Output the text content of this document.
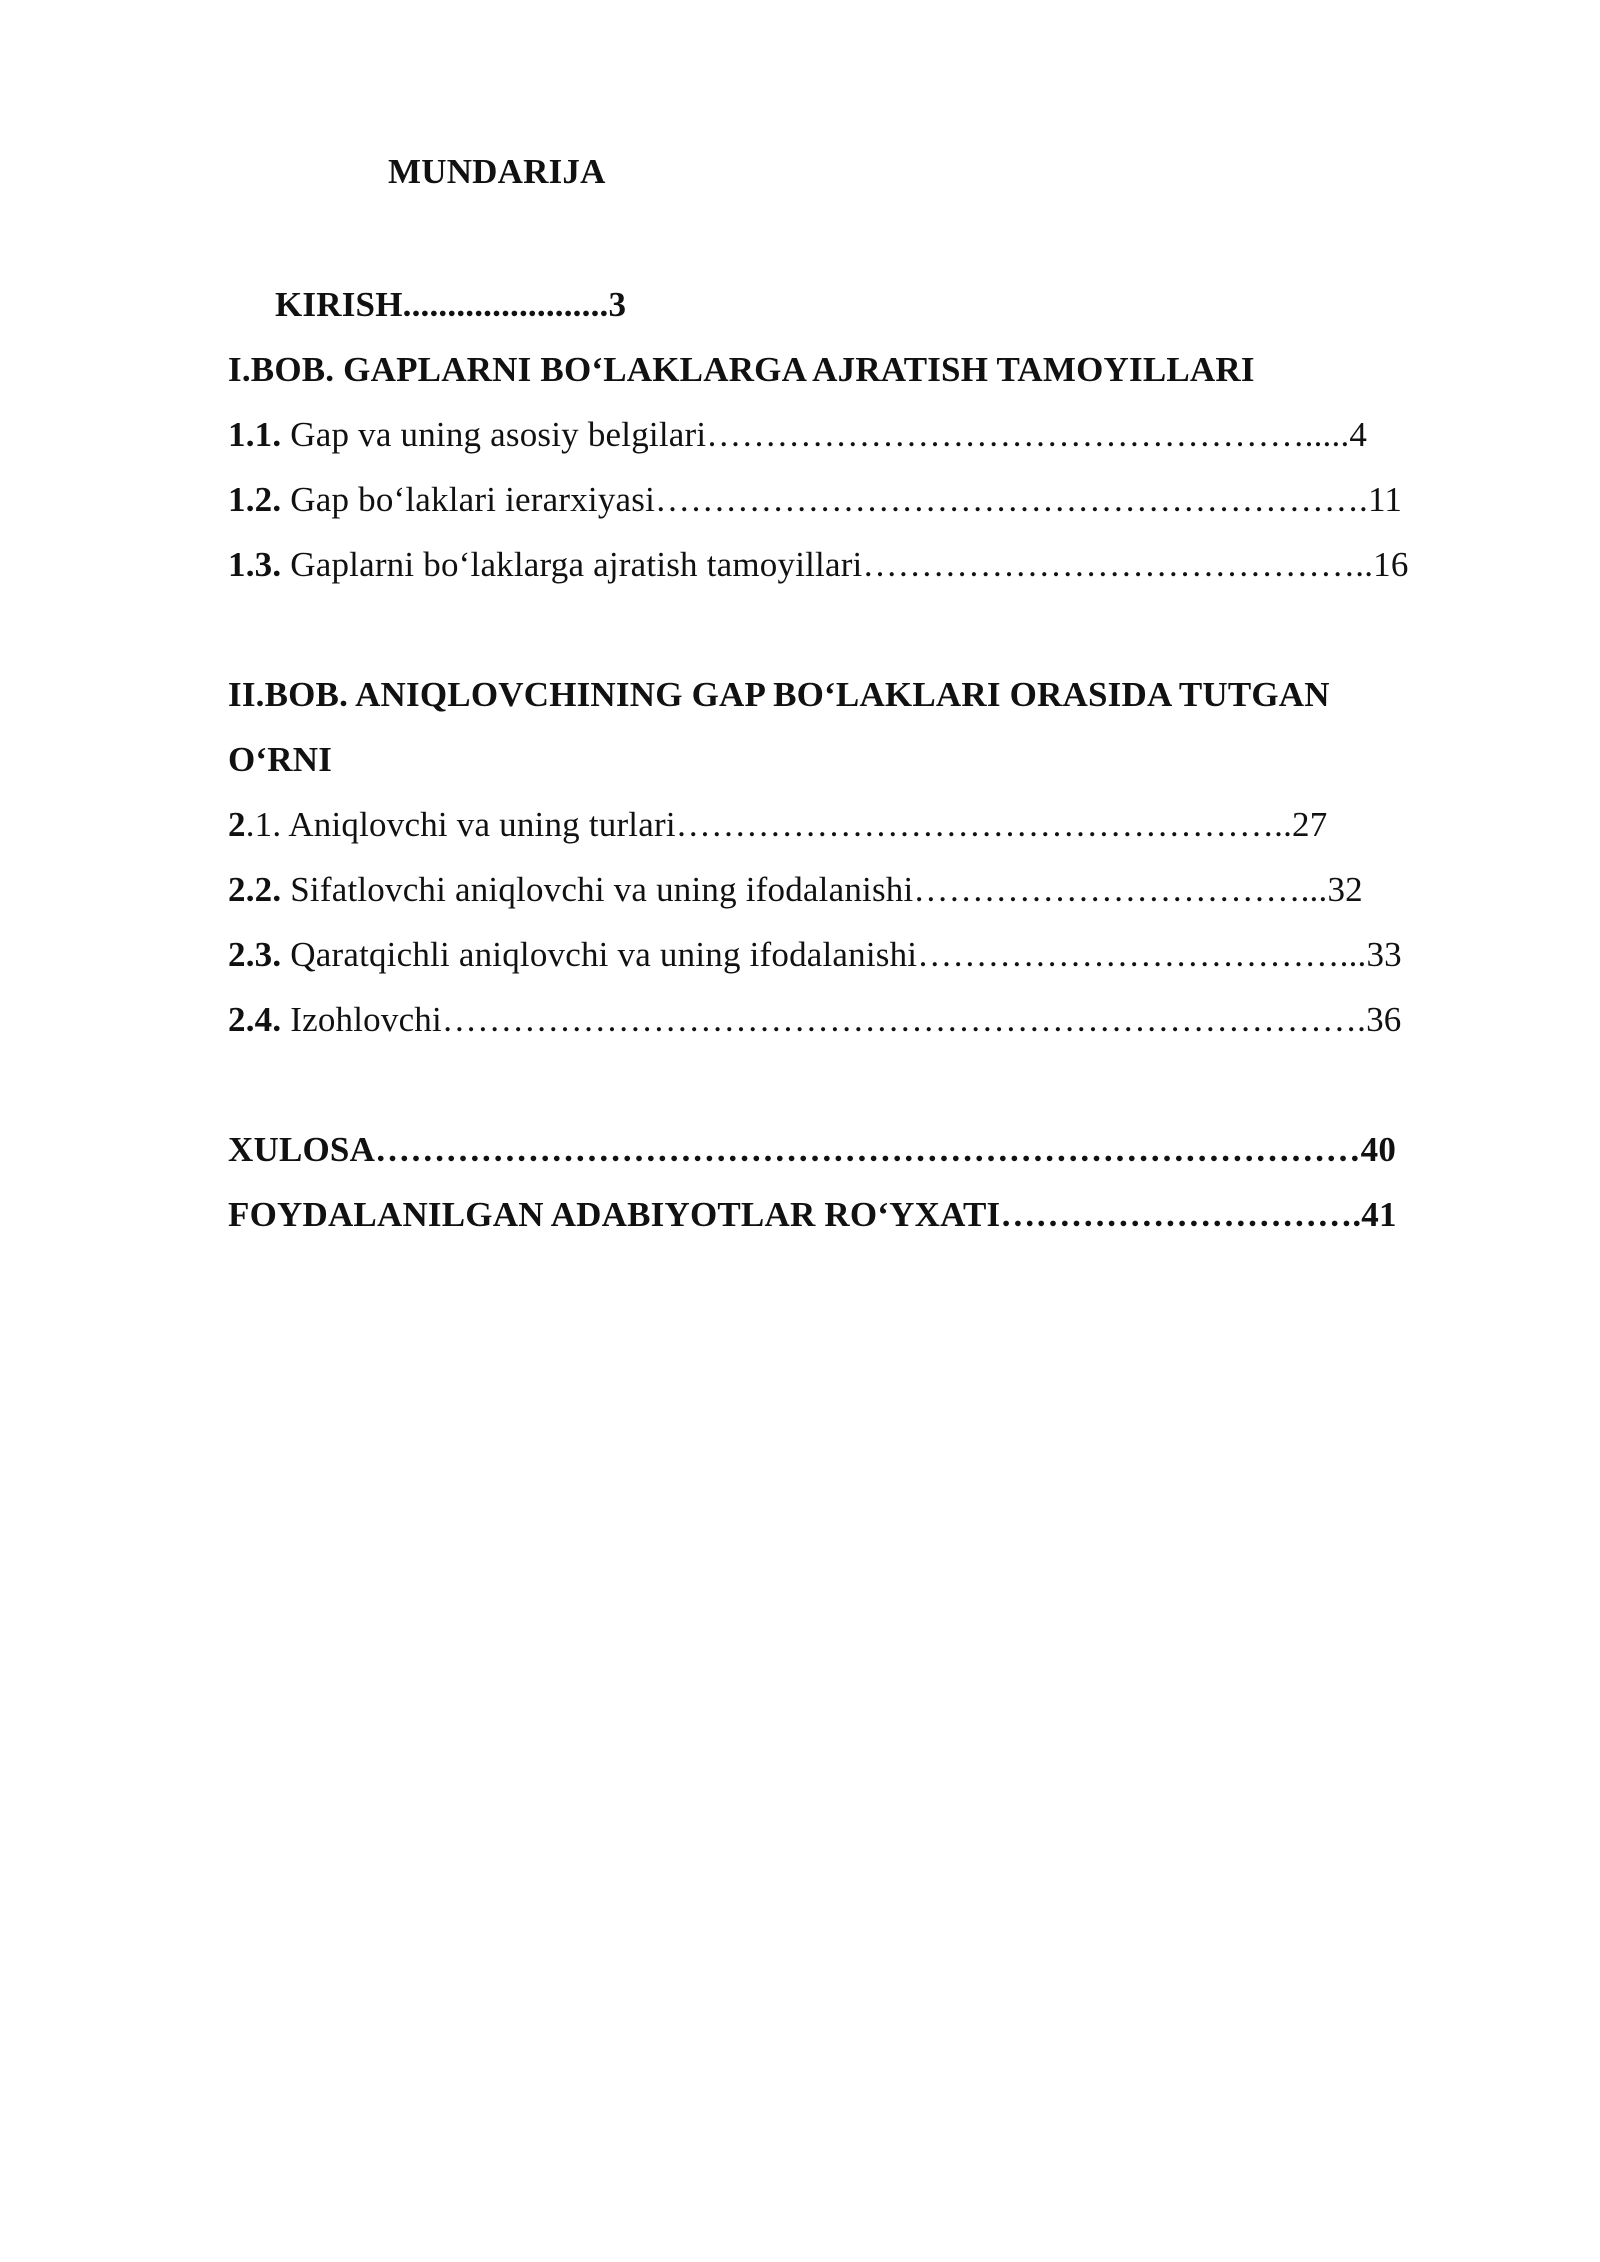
MUNDARIJA
KIRISH.......................3
I.BOB. GAPLARNI BO‘LAKLARGA AJRATISH TAMOYILLARI
1.1. Gap va uning asosiy belgilari…………………………………………….....4
1.2. Gap bo‘laklari ierarxiyasi…………………………………………………….11
1.3. Gaplarni bo‘laklarga ajratish tamoyillari……………………………………..16
II.BOB. ANIQLOVCHINING GAP BO‘LAKLARI ORASIDA TUTGAN
O‘RNI
2.1. Aniqlovchi va uning turlari……………………………………………..27
2.2. Sifatlovchi aniqlovchi va uning ifodalanishi……………………………...32
2.3. Qaratqichli aniqlovchi va uning ifodalanishi………………………………...33
2.4. Izohlovchi…………………………………………………………………….36
XULOSA…………………………………………………………………………40
FOYDALANILGAN ADABIYOTLAR RO‘YXATI………………………….41
